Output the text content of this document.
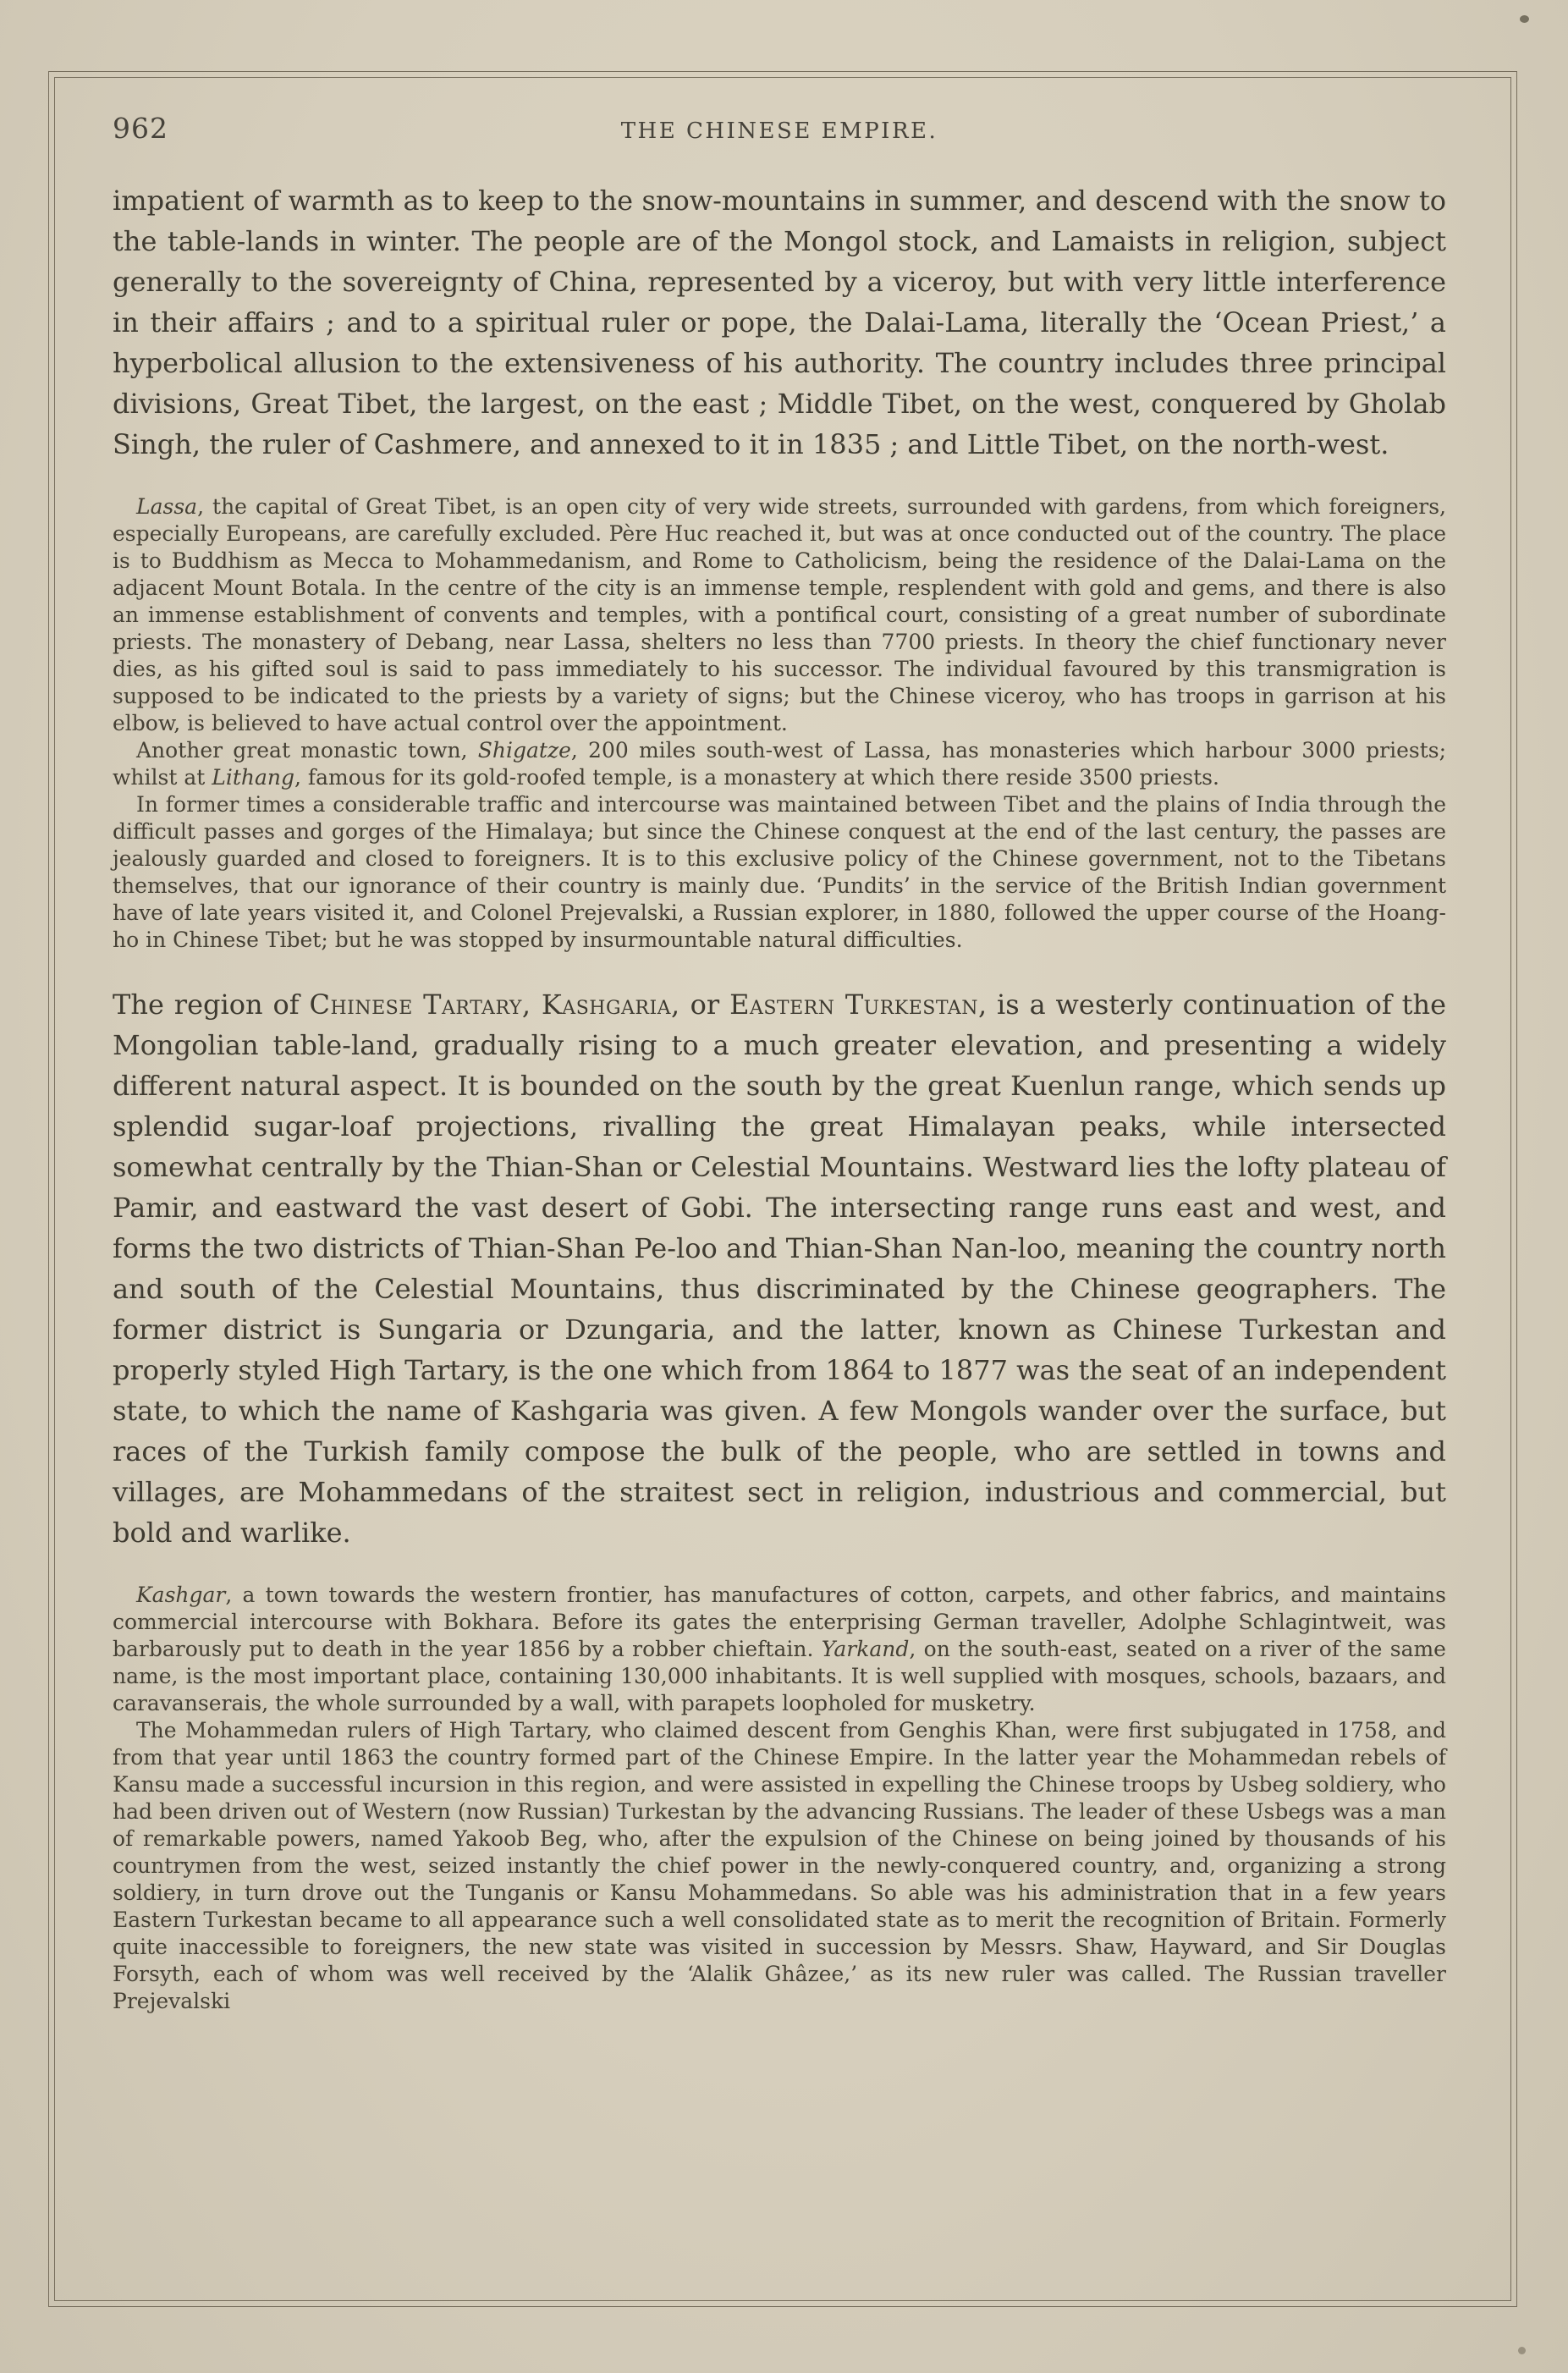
962	THE CHINESE EMPIRE.

impatient of warmth as to keep to the snow-mountains in summer, and descend with the snow to the table-lands in winter. The people are of the Mongol stock, and Lamaists in religion, subject generally to the sovereignty of China, represented by a viceroy, but with very little interference in their affairs ; and to a spiritual ruler or pope, the Dalai-Lama, literally the ‘Ocean Priest,’ a hyperbolical allusion to the extensiveness of his authority. The country includes three principal divisions, Great Tibet, the largest, on the east ; Middle Tibet, on the west, conquered by Gholab Singh, the ruler of Cashmere, and annexed to it in 1835 ; and Little Tibet, on the north-west.

Lassa, the capital of Great Tibet, is an open city of very wide streets, surrounded with gardens, from which foreigners, especially Europeans, are carefully excluded. Père Huc reached it, but was at once conducted out of the country. The place is to Buddhism as Mecca to Mohammedanism, and Rome to Catholicism, being the residence of the Dalai-Lama on the adjacent Mount Botala. In the centre of the city is an immense temple, resplendent with gold and gems, and there is also an immense establishment of convents and temples, with a pontifical court, consisting of a great number of subordinate priests. The monastery of Debang, near Lassa, shelters no less than 7700 priests. In theory the chief functionary never dies, as his gifted soul is said to pass immediately to his successor. The individual favoured by this transmigration is supposed to be indicated to the priests by a variety of signs; but the Chinese viceroy, who has troops in garrison at his elbow, is believed to have actual control over the appointment.

Another great monastic town, Shigatze, 200 miles south-west of Lassa, has monasteries which harbour 3000 priests; whilst at Lithang, famous for its gold-roofed temple, is a monastery at which there reside 3500 priests.

In former times a considerable traffic and intercourse was maintained between Tibet and the plains of India through the difficult passes and gorges of the Himalaya; but since the Chinese conquest at the end of the last century, the passes are jealously guarded and closed to foreigners. It is to this exclusive policy of the Chinese government, not to the Tibetans themselves, that our ignorance of their country is mainly due. ‘Pundits’ in the service of the British Indian government have of late years visited it, and Colonel Prejevalski, a Russian explorer, in 1880, followed the upper course of the Hoang-ho in Chinese Tibet; but he was stopped by insurmountable natural difficulties.

The region of Chinese Tartary, Kashgaria, or Eastern Turkestan, is a westerly continuation of the Mongolian table-land, gradually rising to a much greater elevation, and presenting a widely different natural aspect. It is bounded on the south by the great Kuenlun range, which sends up splendid sugar-loaf projections, rivalling the great Himalayan peaks, while intersected somewhat centrally by the Thian-Shan or Celestial Mountains. Westward lies the lofty plateau of Pamir, and eastward the vast desert of Gobi. The intersecting range runs east and west, and forms the two districts of Thian-Shan Pe-loo and Thian-Shan Nan-loo, meaning the country north and south of the Celestial Mountains, thus discriminated by the Chinese geographers. The former district is Sungaria or Dzungaria, and the latter, known as Chinese Turkestan and properly styled High Tartary, is the one which from 1864 to 1877 was the seat of an independent state, to which the name of Kashgaria was given. A few Mongols wander over the surface, but races of the Turkish family compose the bulk of the people, who are settled in towns and villages, are Mohammedans of the straitest sect in religion, industrious and commercial, but bold and warlike.

Kashgar, a town towards the western frontier, has manufactures of cotton, carpets, and other fabrics, and maintains commercial intercourse with Bokhara. Before its gates the enterprising German traveller, Adolphe Schlagintweit, was barbarously put to death in the year 1856 by a robber chieftain. Yarkand, on the south-east, seated on a river of the same name, is the most important place, containing 130,000 inhabitants. It is well supplied with mosques, schools, bazaars, and caravanserais, the whole surrounded by a wall, with parapets loopholed for musketry.

The Mohammedan rulers of High Tartary, who claimed descent from Genghis Khan, were first subjugated in 1758, and from that year until 1863 the country formed part of the Chinese Empire. In the latter year the Mohammedan rebels of Kansu made a successful incursion in this region, and were assisted in expelling the Chinese troops by Usbeg soldiery, who had been driven out of Western (now Russian) Turkestan by the advancing Russians. The leader of these Usbegs was a man of remarkable powers, named Yakoob Beg, who, after the expulsion of the Chinese on being joined by thousands of his countrymen from the west, seized instantly the chief power in the newly-conquered country, and, organizing a strong soldiery, in turn drove out the Tunganis or Kansu Mohammedans. So able was his administration that in a few years Eastern Turkestan became to all appearance such a well consolidated state as to merit the recognition of Britain. Formerly quite inaccessible to foreigners, the new state was visited in succession by Messrs. Shaw, Hayward, and Sir Douglas Forsyth, each of whom was well received by the ‘Alalik Ghâzee,’ as its new ruler was called. The Russian traveller Prejevalski
